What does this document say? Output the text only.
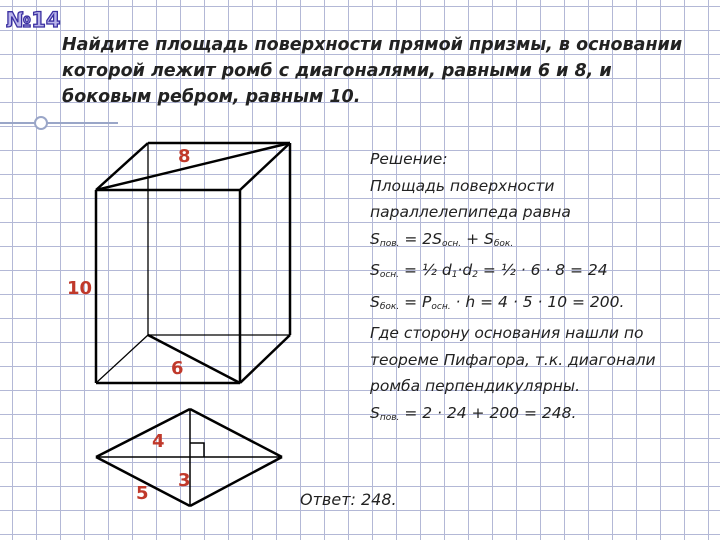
№14
Найдите площадь поверхности прямой призмы, в основании
которой лежит ромб с диагоналями, равными 6 и 8, и
боковым ребром, равным 10.
8
10
6
4
3
5
Решение:
Площадь поверхности
параллелепипеда равна
$S_{пов.} = 2S_{осн.} + S_{бок.}$
$S_{осн.}$ = ½ $d_1\cdot d_2$ = ½ · 6 · 8 = 24
$S_{бок.} = P_{осн.} \cdot h = 4 \cdot 5 \cdot 10 = 200$.
Где сторону основания нашли по
теореме Пифагора, т.к. диагонали
ромба перпендикулярны.
$S_{пов.} = 2 \cdot 24 + 200 = 248$.
Ответ: 248.
